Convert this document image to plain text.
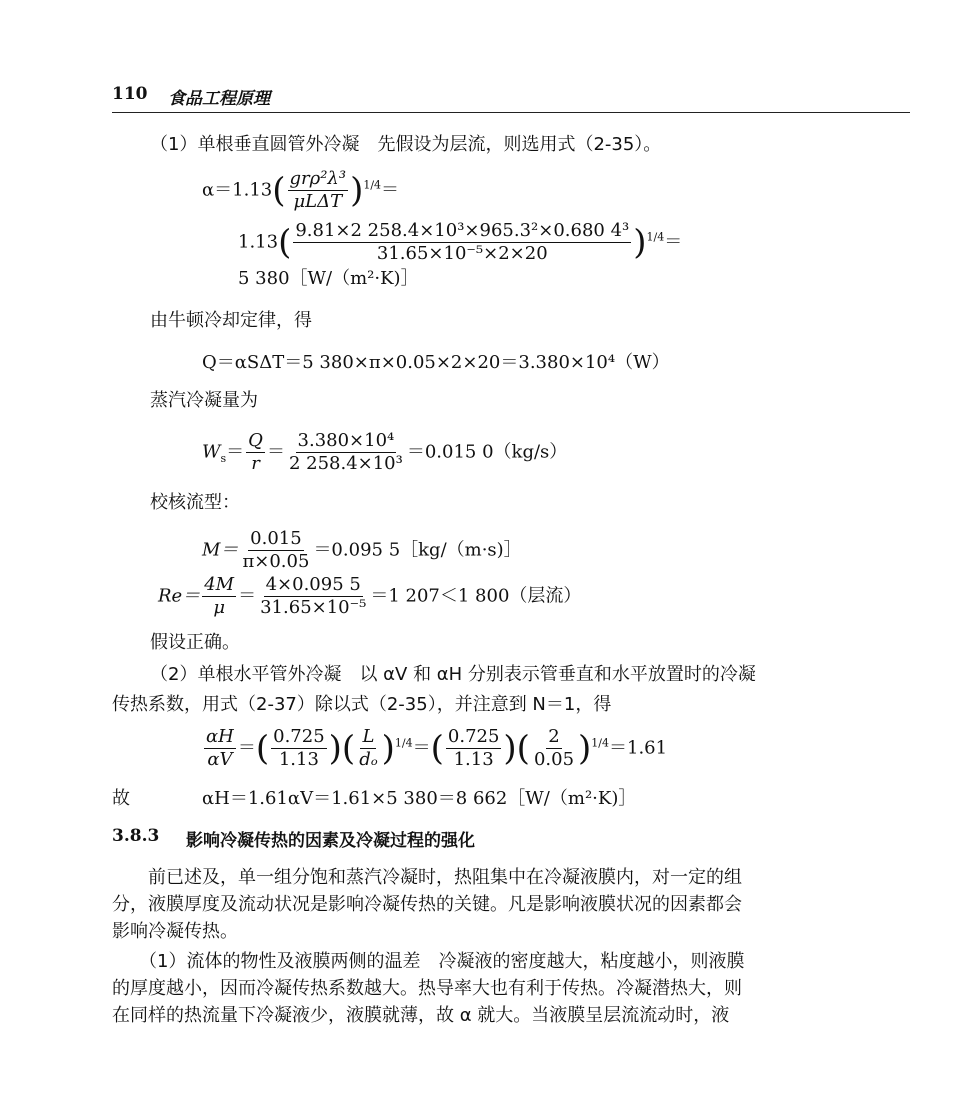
110 食品工程原理
（1）单根垂直圆管外冷凝　先假设为层流，则选用式（2-35）。
$\alpha=1.13( \frac{\text{grρ²λ³}}{\text{μLΔT}} )^{1/4}=$
$1.13( \frac{\text{9.81×2 258.4×10³×965.3²×0.680 4³}}{\text{31.65×10⁻⁵×2×20}} )^{1/4}=$
5 380［W/（m²·K)］
由牛顿冷却定律，得
Q＝αSΔT＝5 380×π×0.05×2×20＝3.380×10⁴（W）
蒸汽冷凝量为
$W_s= \frac{Q}{r} = \frac{\text{3.380×10⁴}}{\text{2 258.4×10³}} =0.015$ 0（kg/s）
校核流型：
$M= \frac{0.015}{\pi\times 0.05} =0.095$ 5［kg/（m·s)］
$Re= \frac{4M}{\mu} = \frac{4\times 0.095 5}{\text{31.65×10⁻⁵}} =1$ 207＜1 800（层流）
假设正确。
（2）单根水平管外冷凝　以 αV 和 αH 分别表示管垂直和水平放置时的冷凝
传热系数，用式（2-37）除以式（2-35），并注意到 N＝1，得
$\frac{\alpha H}{\alpha V}$ ＝( $\frac{0.725}{1.13}$ )( $\frac{L}{\text{dₒ}} )^{1/4}=( \frac{0.725}{1.13}$ )( $\frac{2}{0.05} )^{1/4}=1.61$
故	αH＝1.61αV＝1.61×5 380＝8 662［W/（m²·K)］
3.8.3 影响冷凝传热的因素及冷凝过程的强化
　　前已述及，单一组分饱和蒸汽冷凝时，热阻集中在冷凝液膜内，对一定的组
分，液膜厚度及流动状况是影响冷凝传热的关键。凡是影响液膜状况的因素都会
影响冷凝传热。
　　（1）流体的物性及液膜两侧的温差　冷凝液的密度越大，粘度越小，则液膜
的厚度越小，因而冷凝传热系数越大。热导率大也有利于传热。冷凝潜热大，则
在同样的热流量下冷凝液少，液膜就薄，故 α 就大。当液膜呈层流流动时，液
